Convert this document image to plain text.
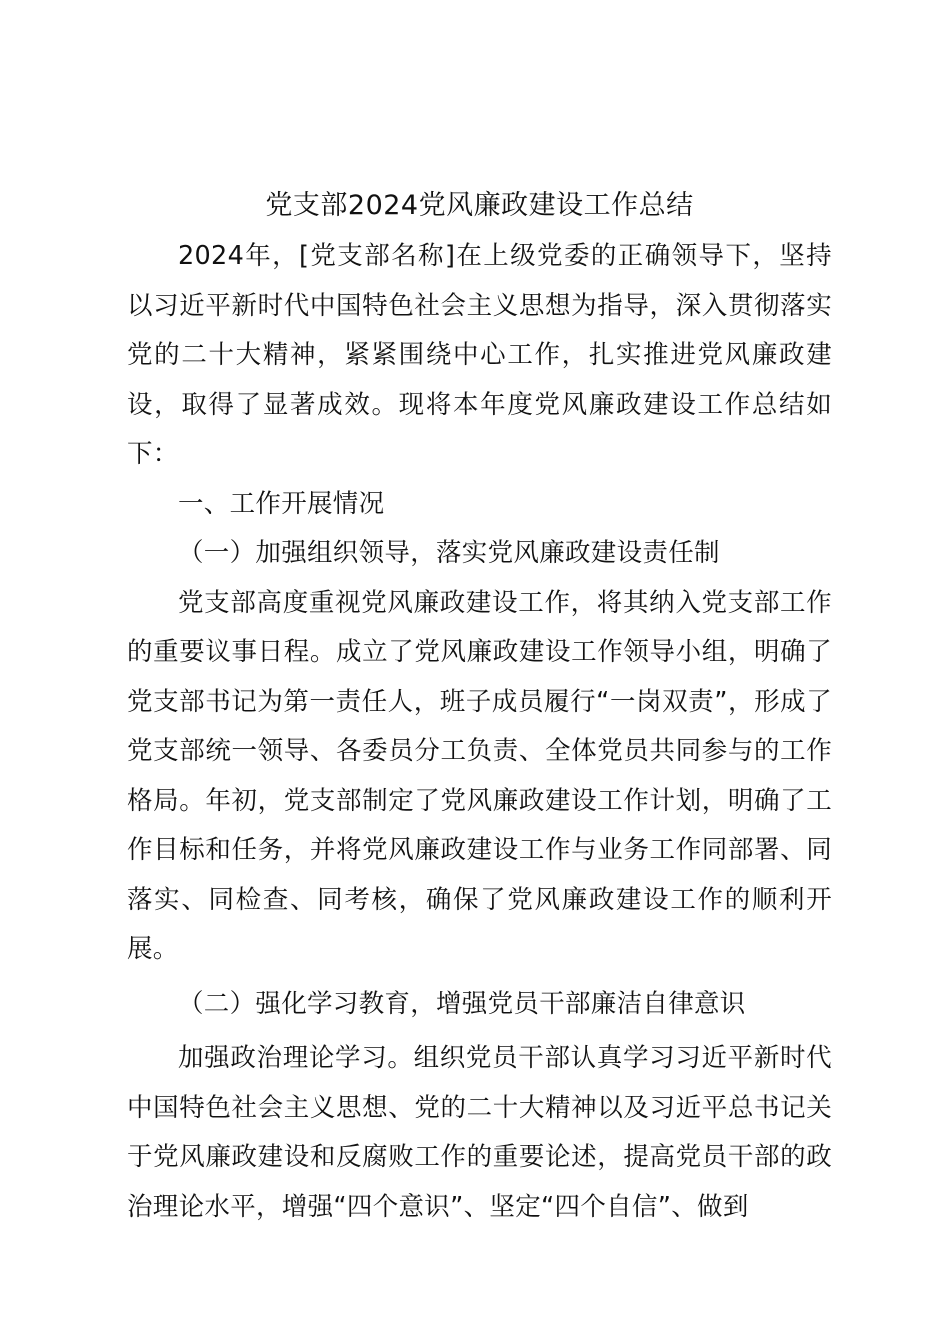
党支部2024党风廉政建设工作总结

2024年，[党支部名称]在上级党委的正确领导下，坚持以习近平新时代中国特色社会主义思想为指导，深入贯彻落实党的二十大精神，紧紧围绕中心工作，扎实推进党风廉政建设，取得了显著成效。现将本年度党风廉政建设工作总结如下：

一、工作开展情况

（一）加强组织领导，落实党风廉政建设责任制

党支部高度重视党风廉政建设工作，将其纳入党支部工作的重要议事日程。成立了党风廉政建设工作领导小组，明确了党支部书记为第一责任人，班子成员履行“一岗双责”，形成了党支部统一领导、各委员分工负责、全体党员共同参与的工作格局。年初，党支部制定了党风廉政建设工作计划，明确了工作目标和任务，并将党风廉政建设工作与业务工作同部署、同落实、同检查、同考核，确保了党风廉政建设工作的顺利开展。

（二）强化学习教育，增强党员干部廉洁自律意识

加强政治理论学习。组织党员干部认真学习习近平新时代中国特色社会主义思想、党的二十大精神以及习近平总书记关于党风廉政建设和反腐败工作的重要论述，提高党员干部的政治理论水平，增强“四个意识”、坚定“四个自信”、做到
